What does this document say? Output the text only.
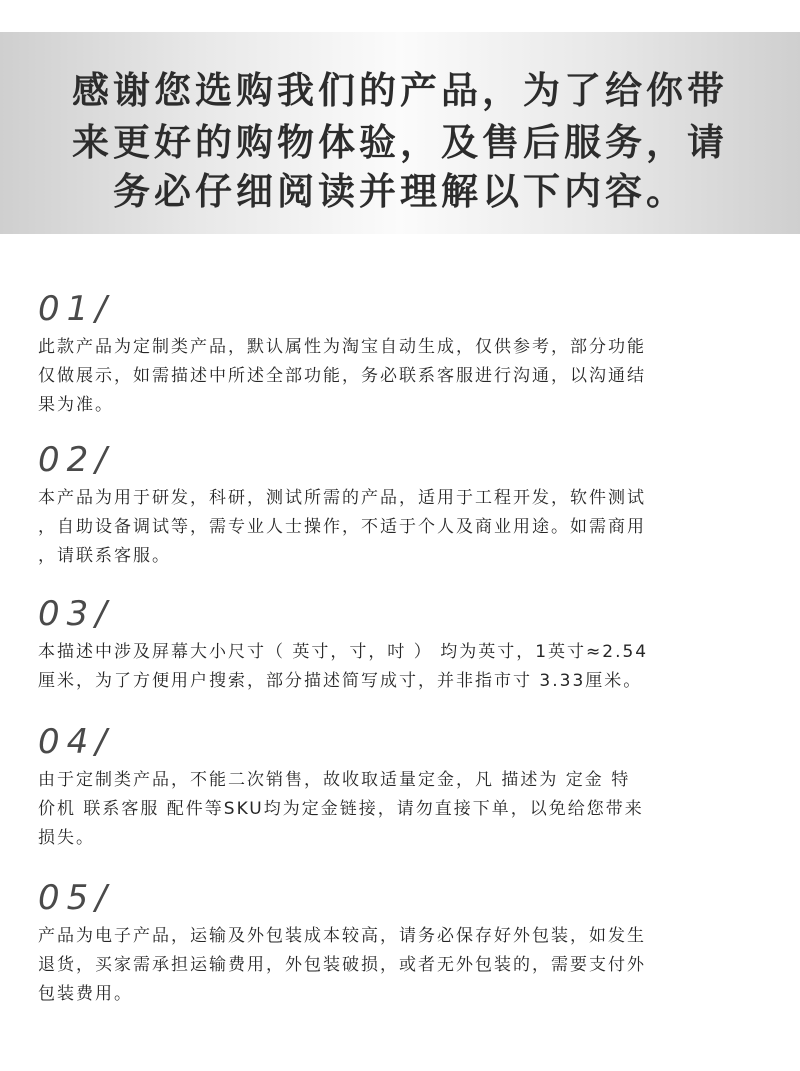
感谢您选购我们的产品，为了给你带
来更好的购物体验，及售后服务，请
务必仔细阅读并理解以下内容。
01/
此款产品为定制类产品，默认属性为淘宝自动生成，仅供参考，部分功能
仅做展示，如需描述中所述全部功能，务必联系客服进行沟通，以沟通结
果为准。
02/
本产品为用于研发，科研，测试所需的产品，适用于工程开发，软件测试
，自助设备调试等，需专业人士操作，不适于个人及商业用途。如需商用
，请联系客服。
03/
本描述中涉及屏幕大小尺寸（ 英寸，寸，吋 ） 均为英寸，1英寸≈2.54
厘米，为了方便用户搜索，部分描述简写成寸，并非指市寸 3.33厘米。
04/
由于定制类产品，不能二次销售，故收取适量定金，凡 描述为 定金 特
价机 联系客服 配件等SKU均为定金链接，请勿直接下单，以免给您带来
损失。
05/
产品为电子产品，运输及外包装成本较高，请务必保存好外包装，如发生
退货，买家需承担运输费用，外包装破损，或者无外包装的，需要支付外
包装费用。
